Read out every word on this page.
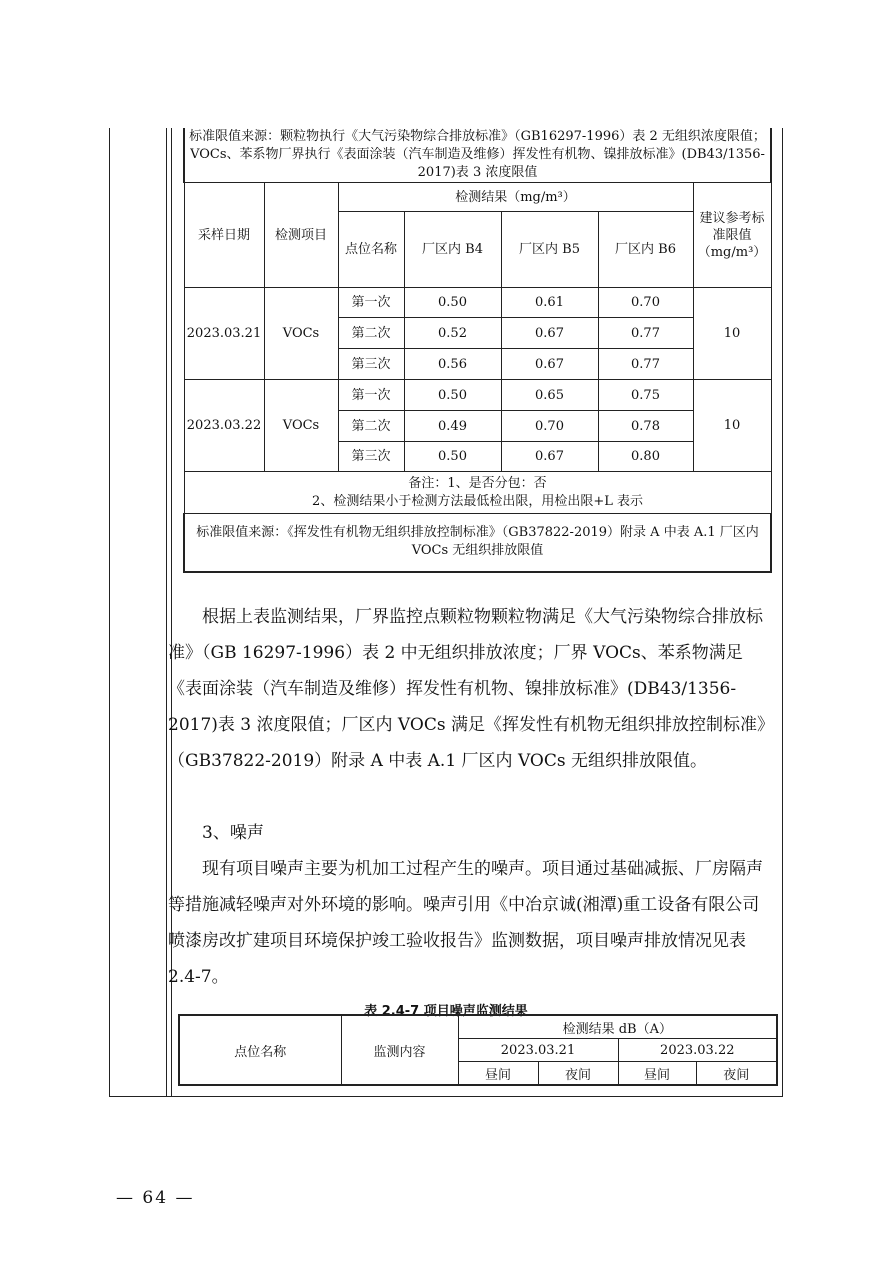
标准限值来源：颗粒物执行《大气污染物综合排放标准》（GB16297-1996）表 2 无组织浓度限值；
VOCs、苯系物厂界执行《表面涂装（汽车制造及维修）挥发性有机物、镍排放标准》(DB43/1356-2017)表 3 浓度限值						

采样日期	检测项目	检测结果（mg/m³）				建议参考标准限值（mg/m³）
		点位名称	厂区内 B4	厂区内 B5	厂区内 B6	
2023.03.21	VOCs	第一次	0.50	0.61	0.70	10
		第二次	0.52	0.67	0.77	
		第三次	0.56	0.67	0.77	
2023.03.22	VOCs	第一次	0.50	0.65	0.75	10
		第二次	0.49	0.70	0.78	
		第三次	0.50	0.67	0.80	

备注：1、是否分包：否
2、检测结果小于检测方法最低检出限，用检出限+L 表示						

标准限值来源：《挥发性有机物无组织排放控制标准》（GB37822-2019）附录 A 中表 A.1 厂区内 VOCs 无组织排放限值						
根据上表监测结果，厂界监控点颗粒物颗粒物满足《大气污染物综合排放标准》（GB 16297-1996）表 2 中无组织排放浓度；厂界 VOCs、苯系物满足《表面涂装（汽车制造及维修）挥发性有机物、镍排放标准》(DB43/1356-2017)表 3 浓度限值；厂区内 VOCs 满足《挥发性有机物无组织排放控制标准》（GB37822-2019）附录 A 中表 A.1 厂区内 VOCs 无组织排放限值。
3、噪声
现有项目噪声主要为机加工过程产生的噪声。项目通过基础减振、厂房隔声等措施减轻噪声对外环境的影响。噪声引用《中冶京诚(湘潭)重工设备有限公司喷漆房改扩建项目环境保护竣工验收报告》监测数据，项目噪声排放情况见表 2.4-7。
表 2.4-7 项目噪声监测结果
点位名称	监测内容	检测结果 dB（A）			
		2023.03.21		2023.03.22	
		昼间	夜间	昼间	夜间
— 64 —
